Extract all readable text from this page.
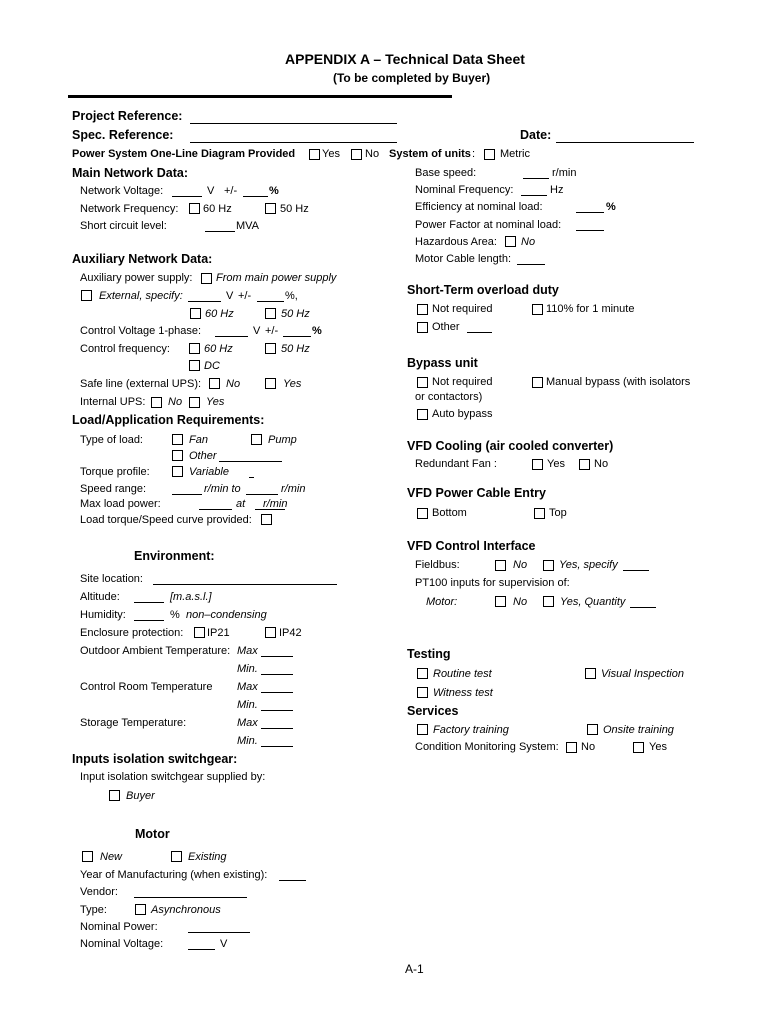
APPENDIX A – Technical Data Sheet
(To be completed by Buyer)
Project Reference:
Spec. Reference:	Date:
Power System One-Line Diagram Provided Yes No System of units : Metric
Main Network Data:
Network Voltage:	V +/-	%
Network Frequency: 60 Hz	50 Hz
Short circuit level:	MVA
Auxiliary Network Data:
Auxiliary power supply: From main power supply
External, specify:	V +/-	%,
60 Hz	50 Hz
Control Voltage 1-phase:	V +/-	%
Control frequency:	60 Hz	50 Hz
DC
Safe line (external UPS): No	Yes
Internal UPS: No Yes
Load/Application Requirements:
Type of load:	Fan	Pump
Other
Torque profile:	Variable
Speed range:	r/min to	r/min
Max load power:	at r/min
Load torque/Speed curve provided:
Environment:
Site location:
Altitude:	[m.a.s.l.]
Humidity:	% non–condensing
Enclosure protection: IP21	IP42
Outdoor Ambient Temperature: Max
Min.
Control Room Temperature Max
Min.
Storage Temperature:	Max
Min.
Inputs isolation switchgear:
Input isolation switchgear supplied by:
Buyer
Motor
New	Existing
Year of Manufacturing (when existing):
Vendor:
Type:	Asynchronous
Nominal Power:
Nominal Voltage:	V
Base speed:	r/min
Nominal Frequency:	Hz
Efficiency at nominal load:	%
Power Factor at nominal load:
Hazardous Area: No
Motor Cable length:
Short-Term overload duty
Not required	110% for 1 minute
Other
Bypass unit
Not required	Manual bypass (with isolators
or contactors)
Auto bypass
VFD Cooling (air cooled converter)
Redundant Fan :	Yes	No
VFD Power Cable Entry
Bottom	Top
VFD Control Interface
Fieldbus:	No	Yes, specify
PT100 inputs for supervision of:
Motor:	No	Yes, Quantity
Testing
Routine test	Visual Inspection
Witness test
Services
Factory training	Onsite training
Condition Monitoring System: No	Yes
A-1
